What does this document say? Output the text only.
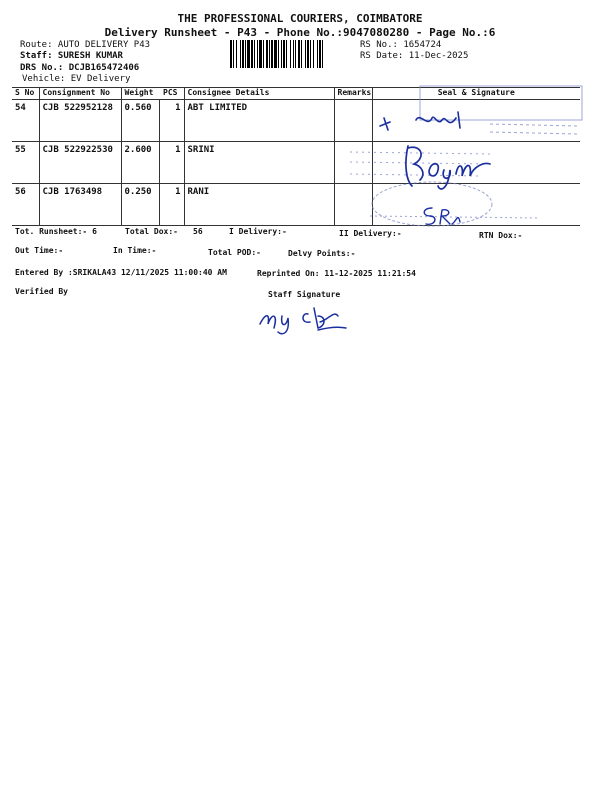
THE PROFESSIONAL COURIERS, COIMBATORE
Delivery Runsheet - P43 - Phone No.:9047080280 - Page No.:6
Route: AUTO DELIVERY P43
Staff: SURESH KUMAR
DRS No.: DCJB165472406
Vehicle: EV Delivery
RS No.: 1654724
RS Date: 11-Dec-2025
S No	Consignment No	Weight PCS		Consignee Details	Remarks	Seal & Signature
54	CJB 522952128	0.560	1	ABT LIMITED		
55	CJB 522922530	2.600	1	SRINI		
56	CJB 1763498	0.250	1	RANI		
Tot. Runsheet:- 6	Total Dox:- 56	I Delivery:-	II Delivery:-	RTN Dox:-
Out Time:-	In Time:-	Total POD:-	Delvy Points:-
Entered By :SRIKALA43 12/11/2025 11:00:40 AM	Reprinted On: 11-12-2025 11:21:54
Verified By	Staff Signature
